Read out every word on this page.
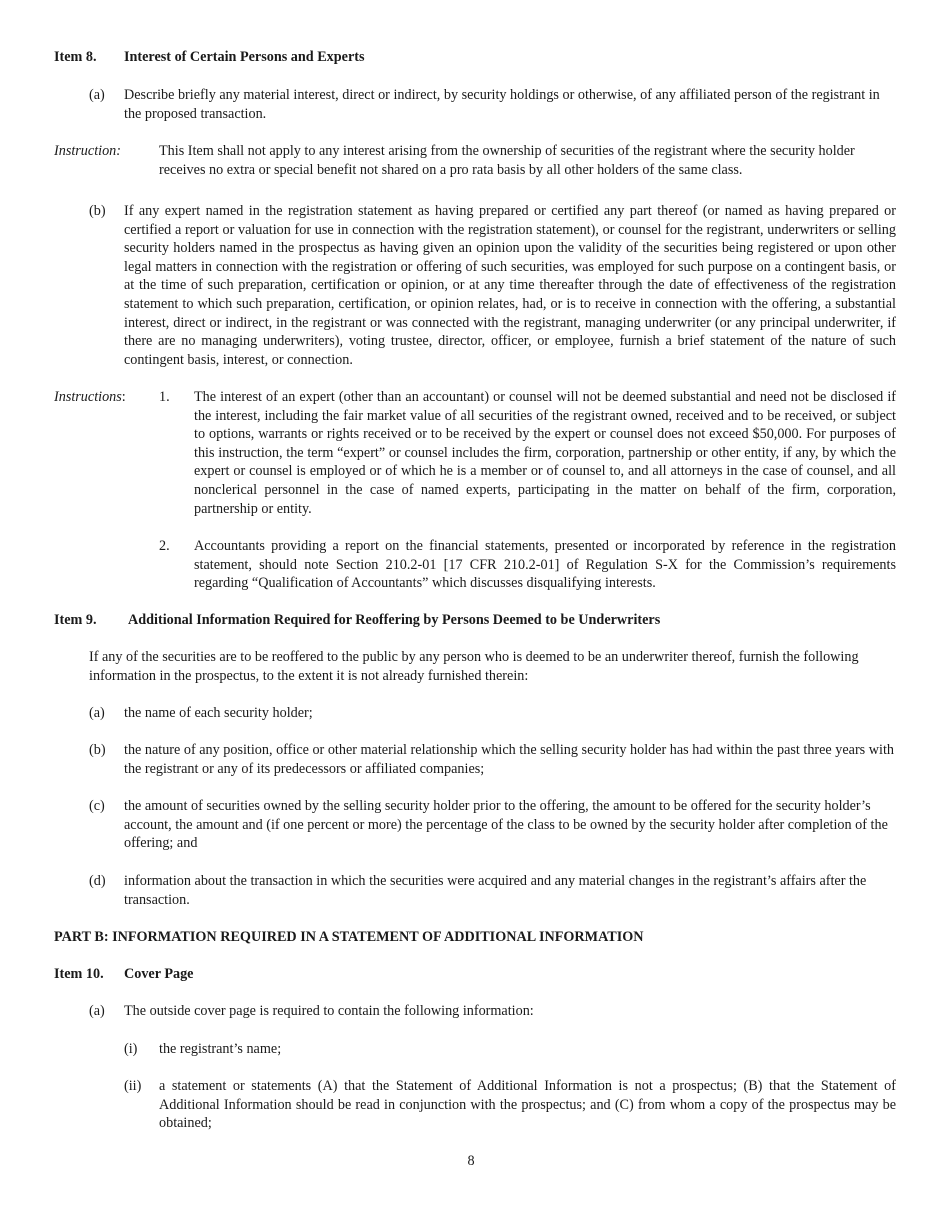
Item 8. Interest of Certain Persons and Experts
(a) Describe briefly any material interest, direct or indirect, by security holdings or otherwise, of any affiliated person of the registrant in the proposed transaction.
Instruction:	This Item shall not apply to any interest arising from the ownership of securities of the registrant where the security holder receives no extra or special benefit not shared on a pro rata basis by all other holders of the same class.
(b) If any expert named in the registration statement as having prepared or certified any part thereof (or named as having prepared or certified a report or valuation for use in connection with the registration statement), or counsel for the registrant, underwriters or selling security holders named in the prospectus as having given an opinion upon the validity of the securities being registered or upon other legal matters in connection with the registration or offering of such securities, was employed for such purpose on a contingent basis, or at the time of such preparation, certification or opinion, or at any time thereafter through the date of effectiveness of the registration statement to which such preparation, certification, or opinion relates, had, or is to receive in connection with the offering, a substantial interest, direct or indirect, in the registrant or was connected with the registrant, managing underwriter (or any principal underwriter, if there are no managing underwriters), voting trustee, director, officer, or employee, furnish a brief statement of the nature of such contingent basis, interest, or connection.
Instructions: 1. The interest of an expert (other than an accountant) or counsel will not be deemed substantial and need not be disclosed if the interest, including the fair market value of all securities of the registrant owned, received and to be received, or subject to options, warrants or rights received or to be received by the expert or counsel does not exceed $50,000. For purposes of this instruction, the term “expert” or counsel includes the firm, corporation, partnership or other entity, if any, by which the expert or counsel is employed or of which he is a member or of counsel to, and all attorneys in the case of counsel, and all nonclerical personnel in the case of named experts, participating in the matter on behalf of the firm, corporation, partnership or entity.
2. Accountants providing a report on the financial statements, presented or incorporated by reference in the registration statement, should note Section 210.2-01 [17 CFR 210.2-01] of Regulation S-X for the Commission’s requirements regarding “Qualification of Accountants” which discusses disqualifying interests.
Item 9. Additional Information Required for Reoffering by Persons Deemed to be Underwriters
If any of the securities are to be reoffered to the public by any person who is deemed to be an underwriter thereof, furnish the following information in the prospectus, to the extent it is not already furnished therein:
(a) the name of each security holder;
(b) the nature of any position, office or other material relationship which the selling security holder has had within the past three years with the registrant or any of its predecessors or affiliated companies;
(c) the amount of securities owned by the selling security holder prior to the offering, the amount to be offered for the security holder’s account, the amount and (if one percent or more) the percentage of the class to be owned by the security holder after completion of the offering; and
(d) information about the transaction in which the securities were acquired and any material changes in the registrant’s affairs after the transaction.
PART B: INFORMATION REQUIRED IN A STATEMENT OF ADDITIONAL INFORMATION
Item 10. Cover Page
(a) The outside cover page is required to contain the following information:
(i) the registrant’s name;
(ii) a statement or statements (A) that the Statement of Additional Information is not a prospectus; (B) that the Statement of Additional Information should be read in conjunction with the prospectus; and (C) from whom a copy of the prospectus may be obtained;
8
